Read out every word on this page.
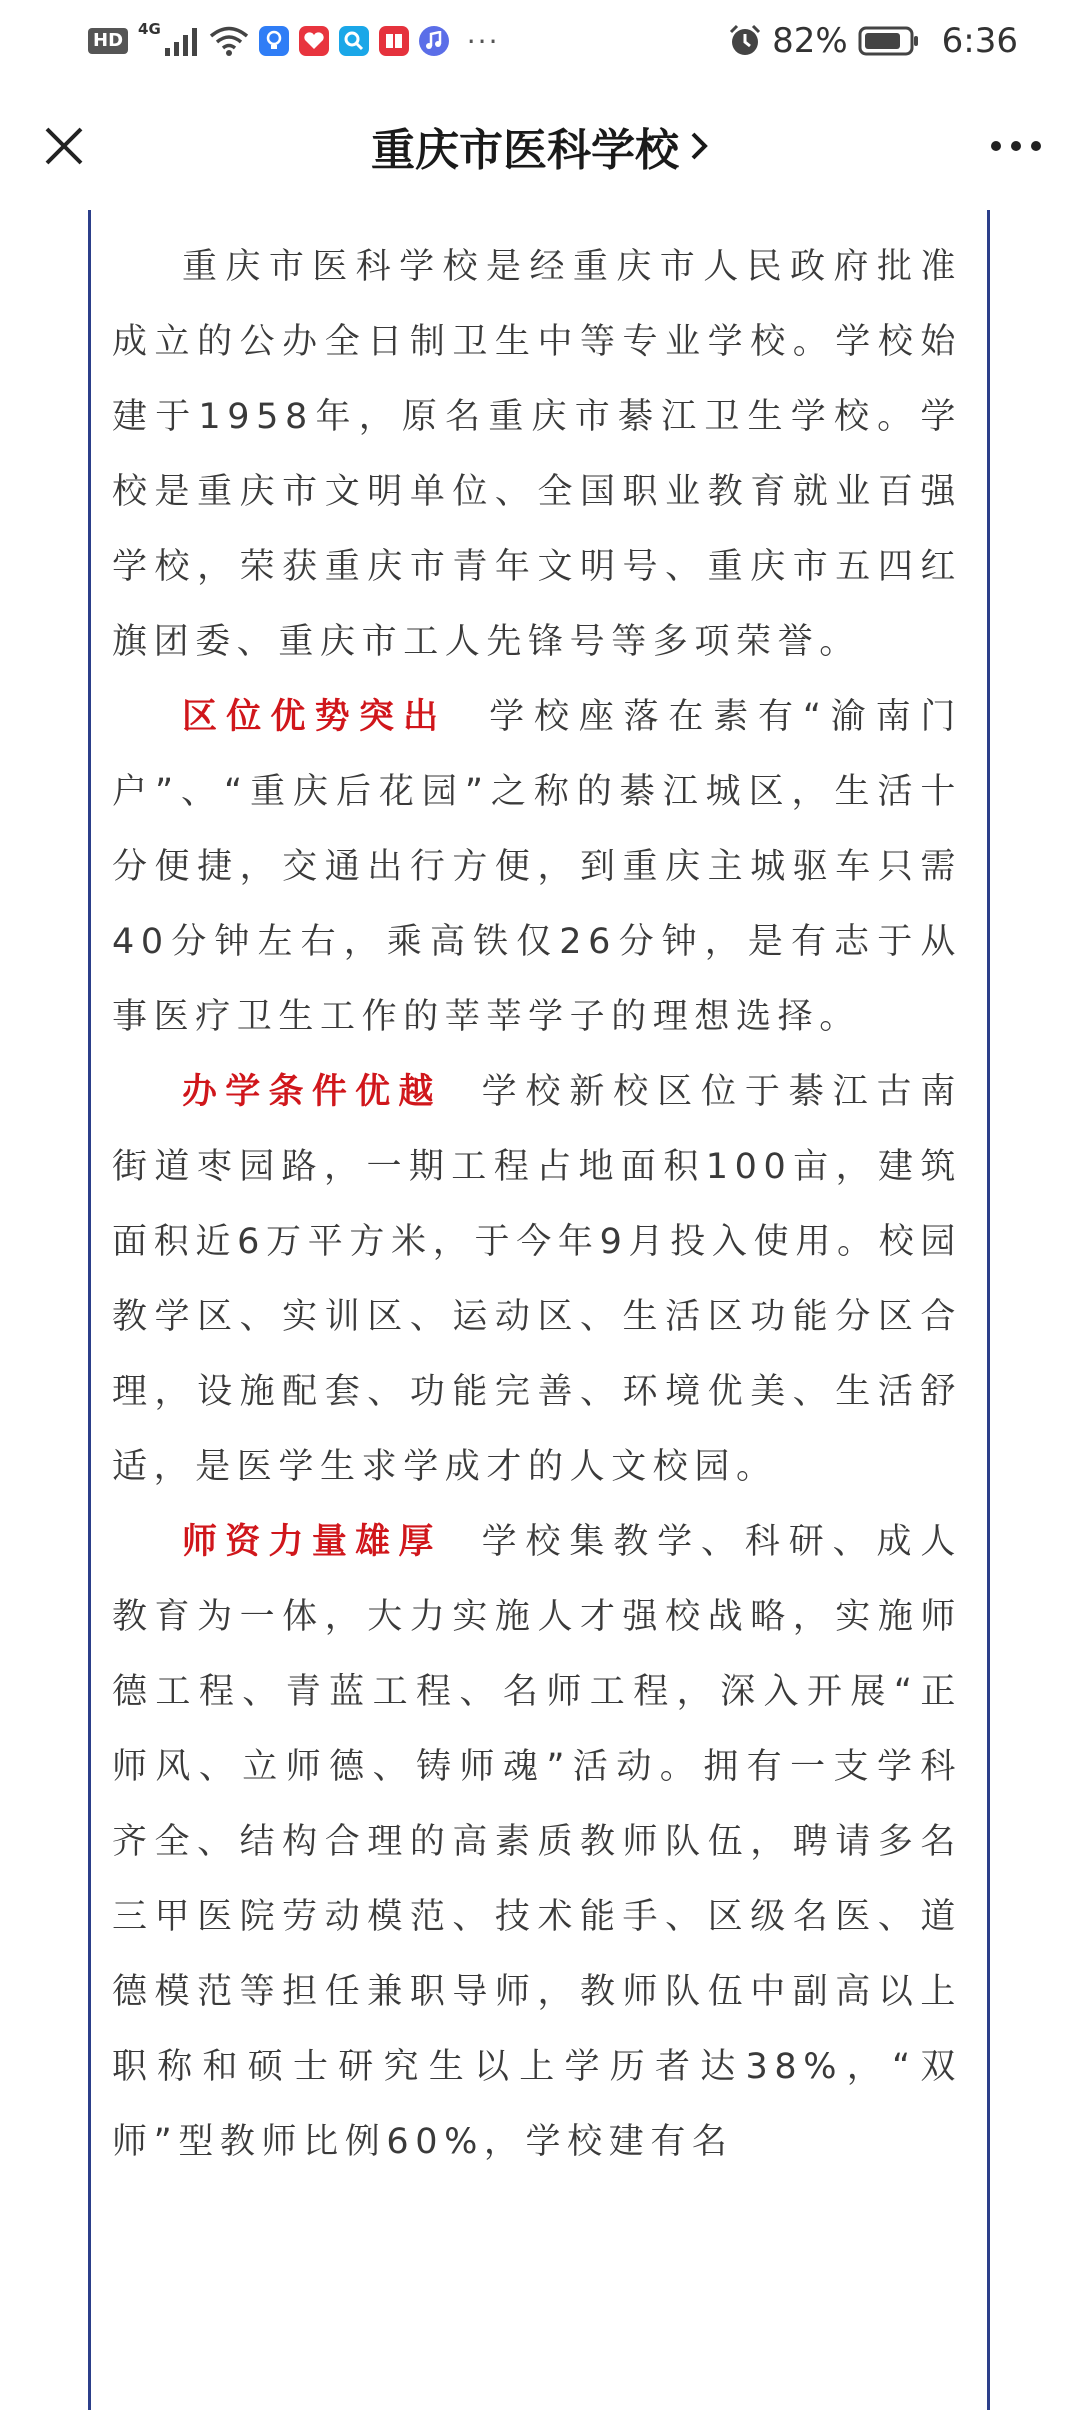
HD
4G	···	82%	6:36
重庆市医科学校

重庆市医科学校是经重庆市人民政府批准成立的公办全日制卫生中等专业学校。学校始建于1958年，原名重庆市綦江卫生学校。学校是重庆市文明单位、全国职业教育就业百强学校，荣获重庆市青年文明号、重庆市五四红旗团委、重庆市工人先锋号等多项荣誉。

区位优势突出 学校座落在素有“渝南门户”、“重庆后花园”之称的綦江城区，生活十分便捷，交通出行方便，到重庆主城驱车只需40分钟左右，乘高铁仅26分钟，是有志于从事医疗卫生工作的莘莘学子的理想选择。

办学条件优越 学校新校区位于綦江古南街道枣园路，一期工程占地面积100亩，建筑面积近6万平方米，于今年9月投入使用。校园教学区、实训区、运动区、生活区功能分区合理，设施配套、功能完善、环境优美、生活舒适，是医学生求学成才的人文校园。

师资力量雄厚 学校集教学、科研、成人教育为一体，大力实施人才强校战略，实施师德工程、青蓝工程、名师工程，深入开展“正师风、立师德、铸师魂”活动。拥有一支学科齐全、结构合理的高素质教师队伍，聘请多名三甲医院劳动模范、技术能手、区级名医、道德模范等担任兼职导师，教师队伍中副高以上职称和硕士研究生以上学历者达38%，“双师”型教师比例60%，学校建有名
